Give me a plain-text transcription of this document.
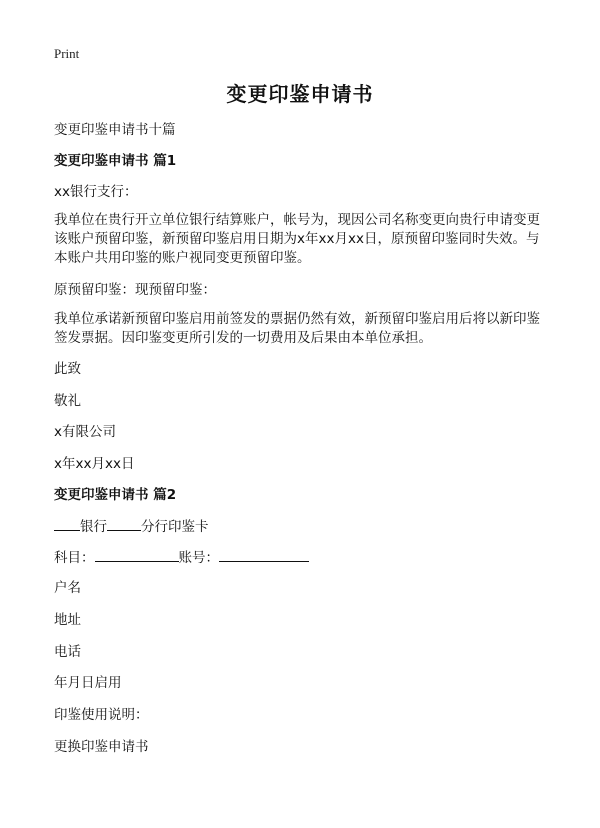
Print
变更印鉴申请书
变更印鉴申请书十篇
变更印鉴申请书 篇1
xx银行支行：
我单位在贵行开立单位银行结算账户，帐号为，现因公司名称变更向贵行申请变更
该账户预留印鉴，新预留印鉴启用日期为x年xx月xx日，原预留印鉴同时失效。与
本账户共用印鉴的账户视同变更预留印鉴。
原预留印鉴：现预留印鉴：
我单位承诺新预留印鉴启用前签发的票据仍然有效，新预留印鉴启用后将以新印鉴
签发票据。因印鉴变更所引发的一切费用及后果由本单位承担。
此致
敬礼
x有限公司
x年xx月xx日
变更印鉴申请书 篇2
银行	分行印鉴卡
科目：	账号：
户名
地址
电话
年月日启用
印鉴使用说明：
更换印鉴申请书
